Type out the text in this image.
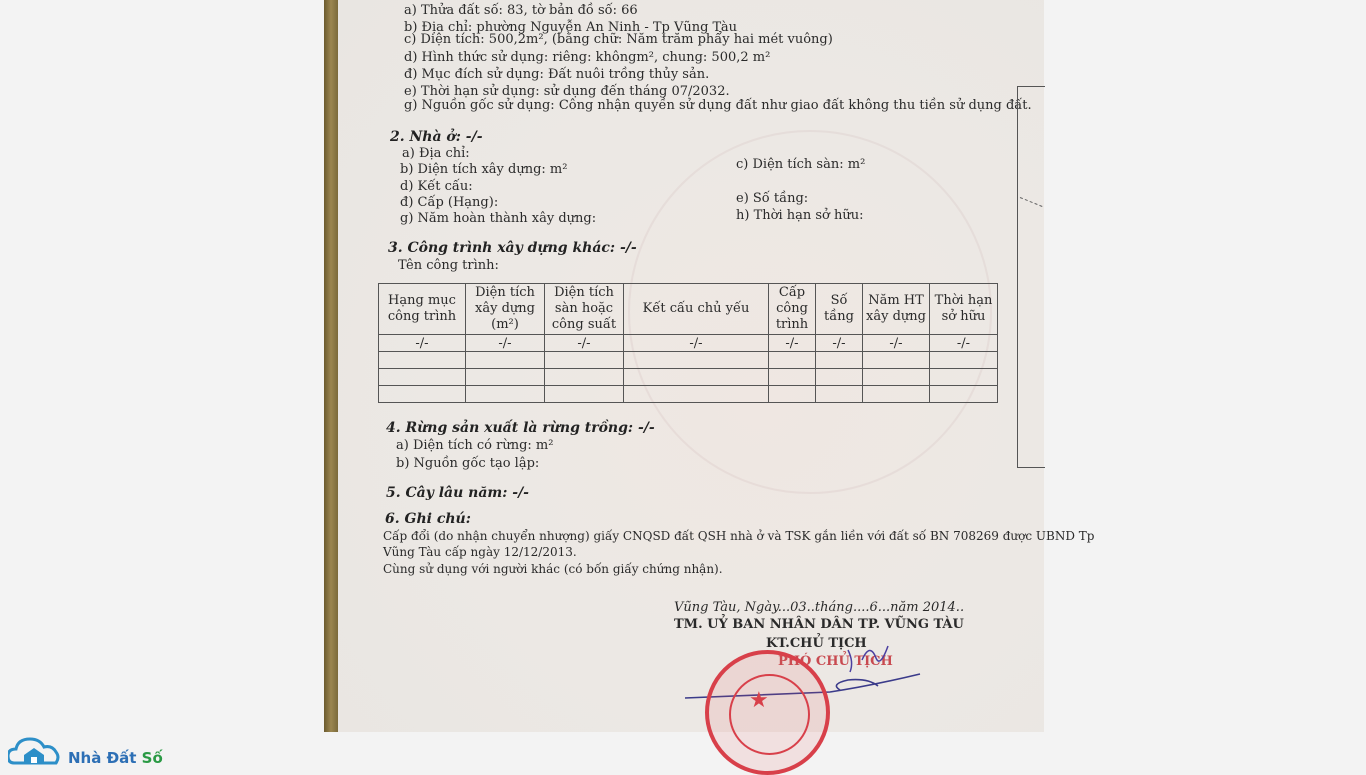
a) Thửa đất số: 83, tờ bản đồ số: 66
b) Địa chỉ: phường Nguyễn An Ninh - Tp Vũng Tàu
c) Diện tích: 500,2m², (bằng chữ: Năm trăm phẩy hai mét vuông)
d) Hình thức sử dụng: riêng: khôngm², chung: 500,2 m²
đ) Mục đích sử dụng: Đất nuôi trồng thủy sản.
e) Thời hạn sử dụng: sử dụng đến tháng 07/2032.
g) Nguồn gốc sử dụng: Công nhận quyền sử dụng đất như giao đất không thu tiền sử dụng đất.
2. Nhà ở: -/-
a) Địa chỉ:
b) Diện tích xây dựng: m²	c) Diện tích sàn: m²
d) Kết cấu:
đ) Cấp (Hạng):	e) Số tầng:
g) Năm hoàn thành xây dựng:	h) Thời hạn sở hữu:
3. Công trình xây dựng khác: -/-
Tên công trình:
Hạng mục công trình	Diện tích xây dựng (m²)	Diện tích sàn hoặc công suất	Kết cấu chủ yếu	Cấp công trình	Số tầng	Năm HT xây dựng	Thời hạn sở hữu
-/-	-/-	-/-	-/-	-/-	-/-	-/-	-/-

4. Rừng sản xuất là rừng trồng: -/-
a) Diện tích có rừng: m²
b) Nguồn gốc tạo lập:
5. Cây lâu năm: -/-
6. Ghi chú:
Cấp đổi (do nhận chuyển nhượng) giấy CNQSD đất QSH nhà ở và TSK gắn liền với đất số BN 708269 được UBND Tp
Vũng Tàu cấp ngày 12/12/2013.
Cùng sử dụng với người khác (có bốn giấy chứng nhận).
Vũng Tàu, Ngày...03..tháng....6...năm 2014..
TM. UỶ BAN NHÂN DÂN TP. VŨNG TÀU
KT.CHỦ TỊCH
PHÓ CHỦ TỊCH
★
Nhà Đất Số
